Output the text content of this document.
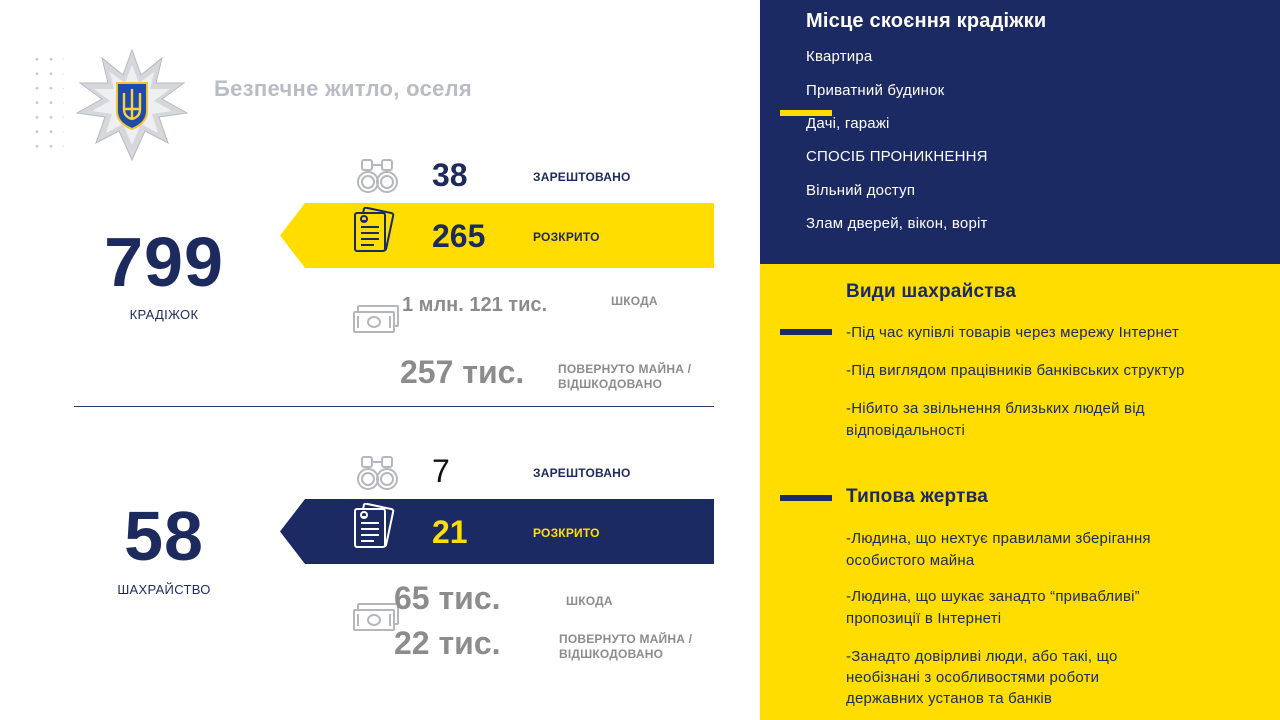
Безпечне житло, оселя
799
КРАДІЖОК
38	ЗАРЕШТОВАНО
265	РОЗКРИТО
1 млн. 121 тис.	ШКОДА
257 тис.	ПОВЕРНУТО МАЙНА /
ВІДШКОДОВАНО
58
ШАХРАЙСТВО
7	ЗАРЕШТОВАНО
21	РОЗКРИТО
65 тис.	ШКОДА
22 тис.	ПОВЕРНУТО МАЙНА /
ВІДШКОДОВАНО
Місце скоєння крадіжки
Квартира
Приватний будинок
Дачі, гаражі
СПОСІБ ПРОНИКНЕННЯ
Вільний доступ
Злам дверей, вікон, воріт
Види шахрайства
-Під час купівлі товарів через мережу Інтернет
-Під виглядом працівників банківських структур
-Нібито за звільнення близьких людей від
відповідальності
Типова жертва
-Людина, що нехтує правилами зберігання
особистого майна
-Людина, що шукає занадто “привабливі”
пропозиції в Інтернеті
-Занадто довірливі люди, або такі, що
необізнані з особливостями роботи
державних установ та банків
